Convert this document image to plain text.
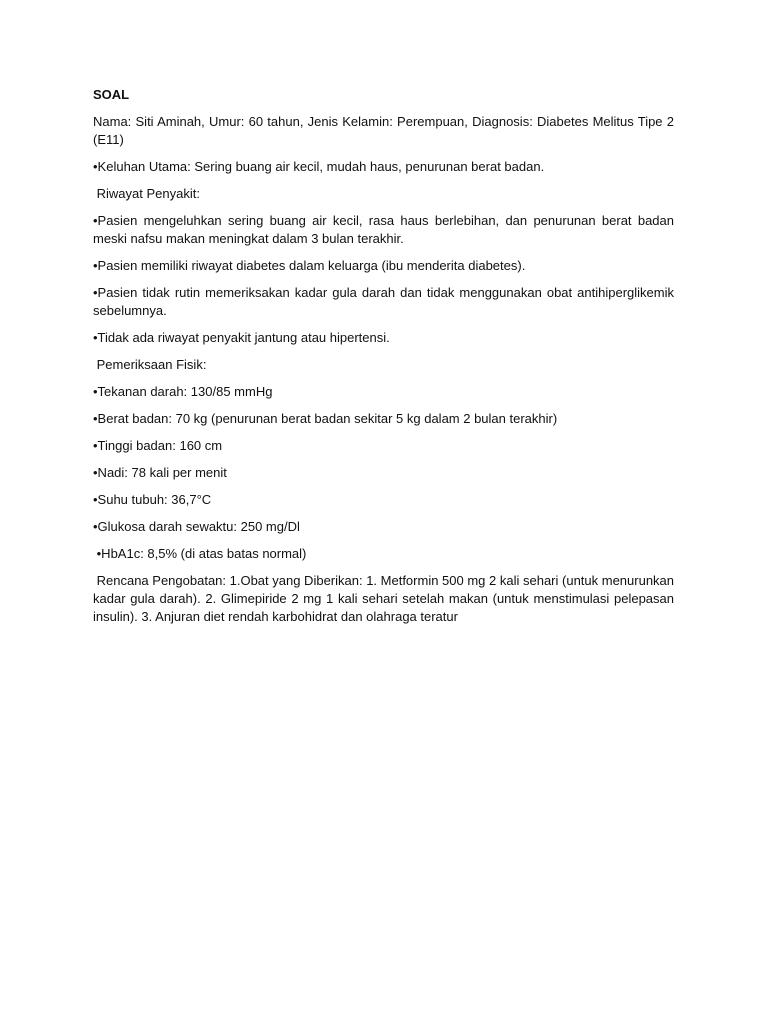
SOAL

Nama: Siti Aminah, Umur: 60 tahun, Jenis Kelamin: Perempuan, Diagnosis: Diabetes Melitus Tipe 2 (E11)

•Keluhan Utama: Sering buang air kecil, mudah haus, penurunan berat badan.

Riwayat Penyakit:

•Pasien mengeluhkan sering buang air kecil, rasa haus berlebihan, dan penurunan berat badan meski nafsu makan meningkat dalam 3 bulan terakhir.

•Pasien memiliki riwayat diabetes dalam keluarga (ibu menderita diabetes).

•Pasien tidak rutin memeriksakan kadar gula darah dan tidak menggunakan obat antihiperglikemik sebelumnya.

•Tidak ada riwayat penyakit jantung atau hipertensi.

Pemeriksaan Fisik:

•Tekanan darah: 130/85 mmHg

•Berat badan: 70 kg (penurunan berat badan sekitar 5 kg dalam 2 bulan terakhir)

•Tinggi badan: 160 cm

•Nadi: 78 kali per menit

•Suhu tubuh: 36,7°C

•Glukosa darah sewaktu: 250 mg/Dl

•HbA1c: 8,5% (di atas batas normal)

Rencana Pengobatan: 1.Obat yang Diberikan: 1. Metformin 500 mg 2 kali sehari (untuk menurunkan kadar gula darah). 2. Glimepiride 2 mg 1 kali sehari setelah makan (untuk menstimulasi pelepasan insulin). 3. Anjuran diet rendah karbohidrat dan olahraga teratur
